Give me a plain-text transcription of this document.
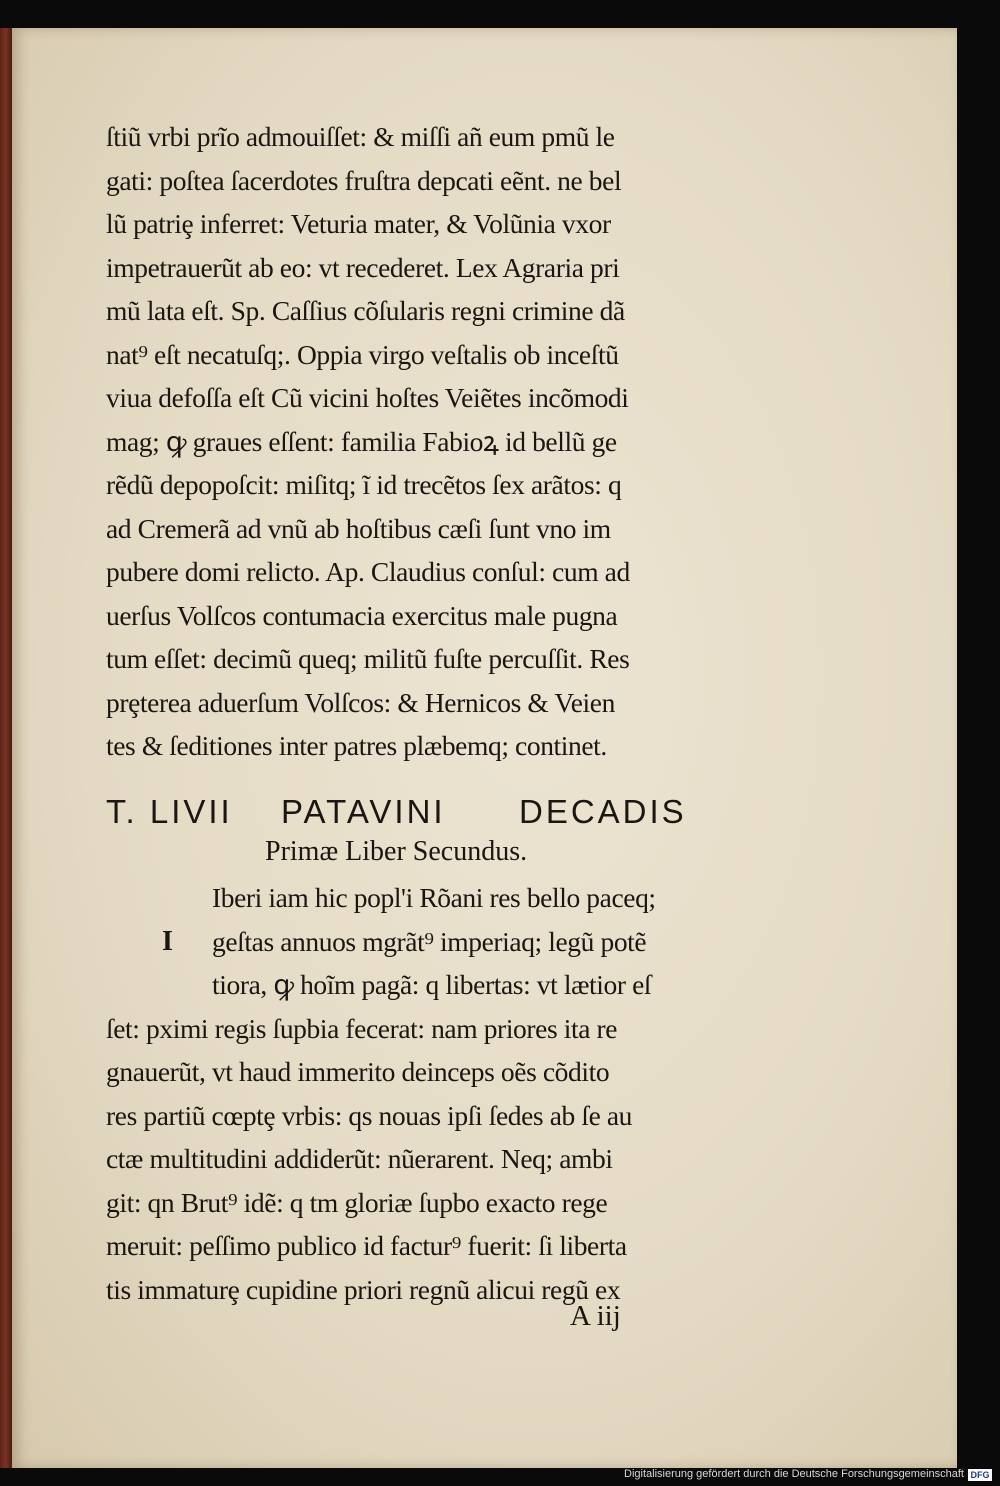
ſtiũ vrbi prĩo admouiſſet: & miſſi añ eum pmũ le
gati: poſtea ſacerdotes fruſtra depcati eẽnt. ne bel
lũ patriȩ inferret: Veturia mater, & Volũnia vxor
impetrauerũt ab eo: vt recederet. Lex Agraria pri
mũ lata eſt. Sp. Caſſius cõſularis regni crimine dã
nat⁹ eſt necatuſq;. Oppia virgo veſtalis ob inceſtũ
viua defoſſa eſt Cũ vicini hoſtes Veiẽtes incõmodi
mag; ꝙ graues eſſent: familia Fabioꝝ id bellũ ge
rẽdũ depopoſcit: miſitq; ĩ id trecẽtos ſex arãtos: q
ad Cremerã ad vnũ ab hoſtibus cæſi ſunt vno im
pubere domi relicto. Ap. Claudius conſul: cum ad
uerſus Volſcos contumacia exercitus male pugna
tum eſſet: decimũ queq; militũ fuſte percuſſit. Res
prȩterea aduerſum Volſcos: & Hernicos & Veien
tes & ſeditiones inter patres plæbemq; continet.
T. LIVII PATAVINI DECADIS
Primæ Liber Secundus.
I
Iberi iam hic popl'i Rõani res bello paceq;
geſtas annuos mgrãt⁹ imperiaq; legũ potẽ
tiora, ꝙ hoĩm pagã: q libertas: vt lætior eſ
ſet: pximi regis ſupbia fecerat: nam priores ita re
gnauerũt, vt haud immerito deinceps oẽs cõdito
res partiũ cœptȩ vrbis: qs nouas ipſi ſedes ab ſe au
ctæ multitudini addiderũt: nũerarent. Neq; ambi
git: qn Brut⁹ idẽ: q tm gloriæ ſupbo exacto rege
meruit: peſſimo publico id factur⁹ fuerit: ſi liberta
tis immaturȩ cupidine priori regnũ alicui regũ ex
A iij
Digitalisierung gefördert durch die Deutsche Forschungsgemeinschaft DFG
